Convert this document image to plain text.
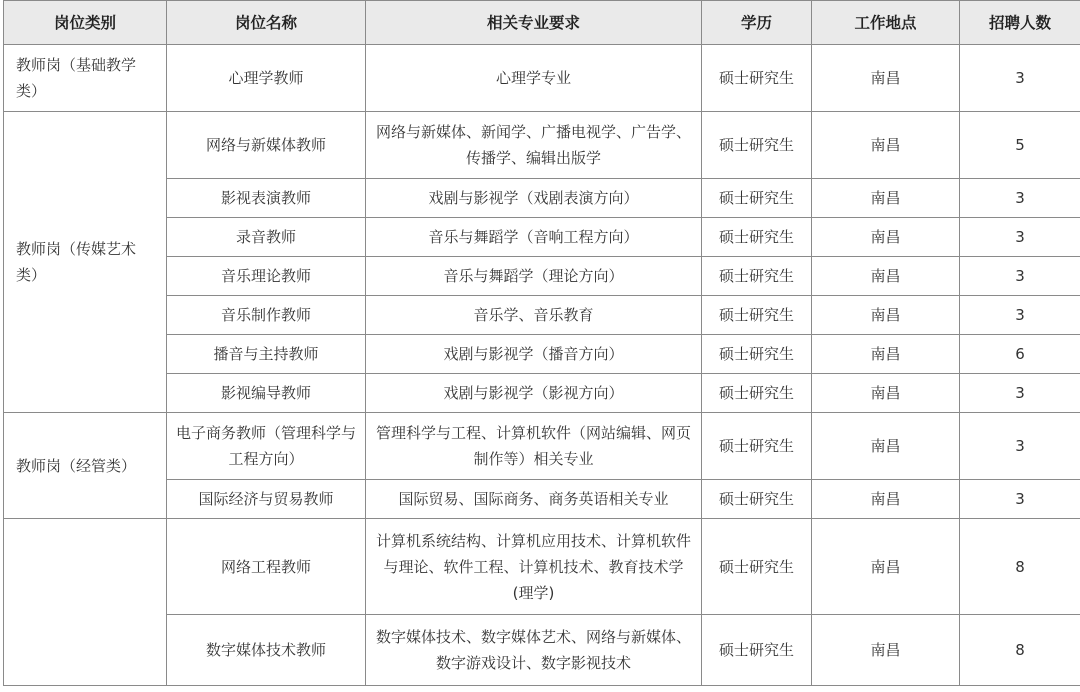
岗位类别	岗位名称	相关专业要求	学历	工作地点	招聘人数
教师岗（基础教学类）	心理学教师	心理学专业	硕士研究生	南昌	3
教师岗（传媒艺术类）	网络与新媒体教师	网络与新媒体、新闻学、广播电视学、广告学、传播学、编辑出版学	硕士研究生	南昌	5
	影视表演教师	戏剧与影视学（戏剧表演方向）	硕士研究生	南昌	3
	录音教师	音乐与舞蹈学（音响工程方向）	硕士研究生	南昌	3
	音乐理论教师	音乐与舞蹈学（理论方向）	硕士研究生	南昌	3
	音乐制作教师	音乐学、音乐教育	硕士研究生	南昌	3
	播音与主持教师	戏剧与影视学（播音方向）	硕士研究生	南昌	6
	影视编导教师	戏剧与影视学（影视方向）	硕士研究生	南昌	3
教师岗（经管类）	电子商务教师（管理科学与工程方向）	管理科学与工程、计算机软件（网站编辑、网页制作等）相关专业	硕士研究生	南昌	3
	国际经济与贸易教师	国际贸易、国际商务、商务英语相关专业	硕士研究生	南昌	3
	网络工程教师	计算机系统结构、计算机应用技术、计算机软件与理论、软件工程、计算机技术、教育技术学(理学)	硕士研究生	南昌	8
	数字媒体技术教师	数字媒体技术、数字媒体艺术、网络与新媒体、数字游戏设计、数字影视技术	硕士研究生	南昌	8
